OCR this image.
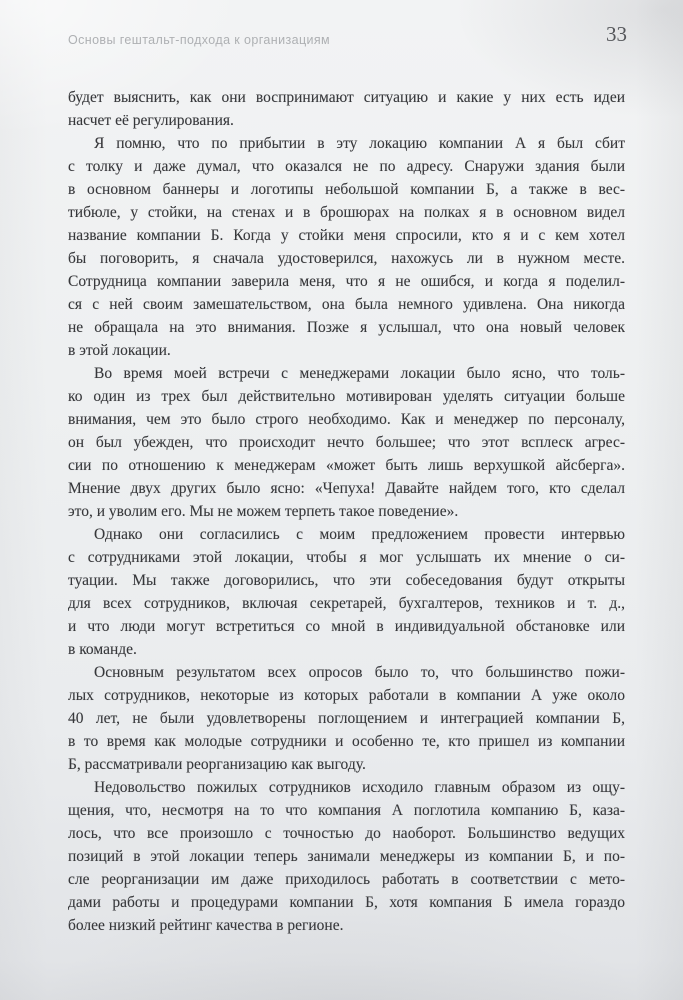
Основы гештальт-подхода к организациям	33
будет выяснить, как они воспринимают ситуацию и какие у них есть идеи
насчет её регулирования.
Я помню, что по прибытии в эту локацию компании А я был сбит
с толку и даже думал, что оказался не по адресу. Снаружи здания были
в основном баннеры и логотипы небольшой компании Б, а также в вес-
тибюле, у стойки, на стенах и в брошюрах на полках я в основном видел
название компании Б. Когда у стойки меня спросили, кто я и с кем хотел
бы поговорить, я сначала удостоверился, нахожусь ли в нужном месте.
Сотрудница компании заверила меня, что я не ошибся, и когда я поделил-
ся с ней своим замешательством, она была немного удивлена. Она никогда
не обращала на это внимания. Позже я услышал, что она новый человек
в этой локации.
Во время моей встречи с менеджерами локации было ясно, что толь-
ко один из трех был действительно мотивирован уделять ситуации больше
внимания, чем это было строго необходимо. Как и менеджер по персоналу,
он был убежден, что происходит нечто большее; что этот всплеск агрес-
сии по отношению к менеджерам «может быть лишь верхушкой айсберга».
Мнение двух других было ясно: «Чепуха! Давайте найдем того, кто сделал
это, и уволим его. Мы не можем терпеть такое поведение».
Однако они согласились с моим предложением провести интервью
с сотрудниками этой локации, чтобы я мог услышать их мнение о си-
туации. Мы также договорились, что эти собеседования будут открыты
для всех сотрудников, включая секретарей, бухгалтеров, техников и т. д.,
и что люди могут встретиться со мной в индивидуальной обстановке или
в команде.
Основным результатом всех опросов было то, что большинство пожи-
лых сотрудников, некоторые из которых работали в компании А уже около
40 лет, не были удовлетворены поглощением и интеграцией компании Б,
в то время как молодые сотрудники и особенно те, кто пришел из компании
Б, рассматривали реорганизацию как выгоду.
Недовольство пожилых сотрудников исходило главным образом из ощу-
щения, что, несмотря на то что компания А поглотила компанию Б, каза-
лось, что все произошло с точностью до наоборот. Большинство ведущих
позиций в этой локации теперь занимали менеджеры из компании Б, и по-
сле реорганизации им даже приходилось работать в соответствии с мето-
дами работы и процедурами компании Б, хотя компания Б имела гораздо
более низкий рейтинг качества в регионе.
